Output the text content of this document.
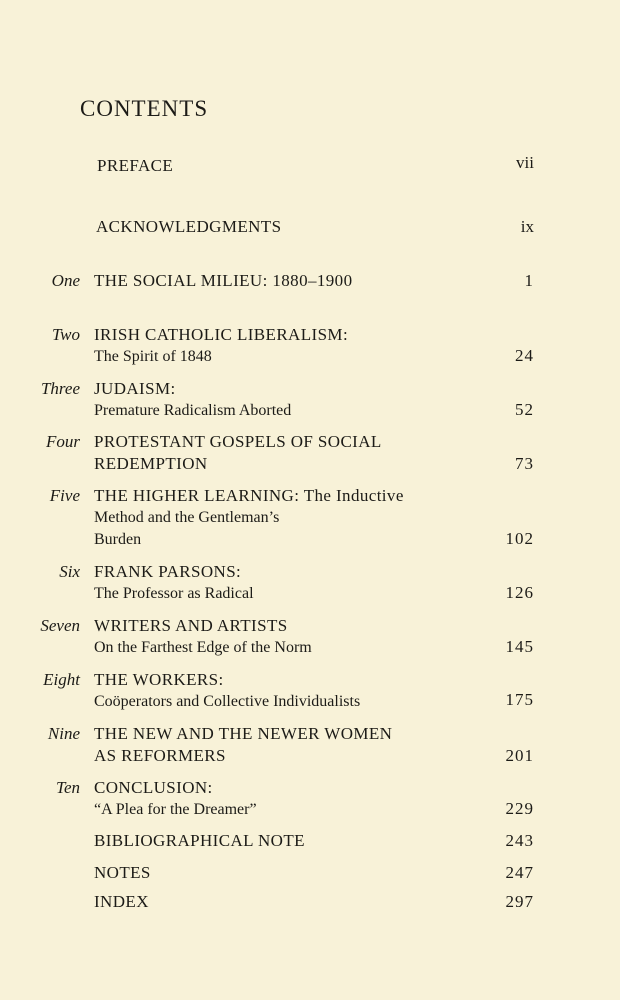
CONTENTS
PREFACE	vii
ACKNOWLEDGMENTS	ix
One THE SOCIAL MILIEU: 1880–1900	1
Two IRISH CATHOLIC LIBERALISM:
The Spirit of 1848	24
Three JUDAISM:
Premature Radicalism Aborted	52
Four PROTESTANT GOSPELS OF SOCIAL
REDEMPTION	73
Five THE HIGHER LEARNING: The Inductive
Method and the Gentleman’s
Burden	102
Six FRANK PARSONS:
The Professor as Radical	126
Seven WRITERS AND ARTISTS
On the Farthest Edge of the Norm	145
Eight THE WORKERS:
Coöperators and Collective Individualists	175
Nine THE NEW AND THE NEWER WOMEN
AS REFORMERS	201
Ten CONCLUSION:
“A Plea for the Dreamer”	229
BIBLIOGRAPHICAL NOTE	243
NOTES	247
INDEX	297
